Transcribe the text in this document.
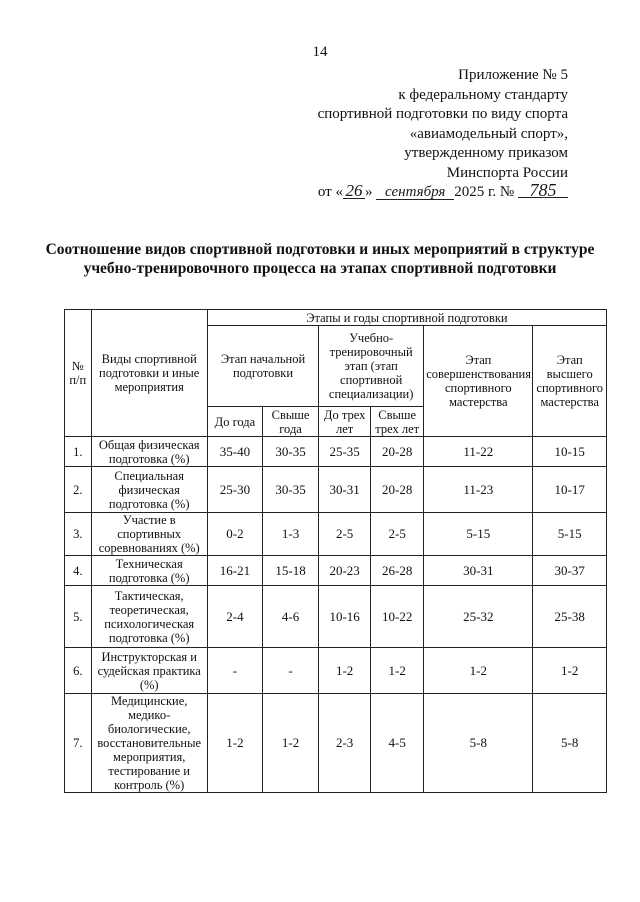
14
Приложение № 5
к федеральному стандарту
спортивной подготовки по виду спорта
«авиамодельный спорт»,
утвержденному приказом
Минспорта России
от « 26 » сентября 2025 г. № 785
Соотношение видов спортивной подготовки и иных мероприятий в структуре
учебно-тренировочного процесса на этапах спортивной подготовки
№ п/п	Виды спортивной подготовки и иные мероприятия	Этапы и годы спортивной подготовки					
		Этап начальной подготовки		Учебно-тренировочный этап (этап спортивной специализации)		Этап совершенствования спортивного мастерства	Этап высшего спортивного мастерства
		До года	Свыше года	До трех лет	Свыше трех лет		
1.	Общая физическая подготовка (%)	35-40	30-35	25-35	20-28	11-22	10-15
2.	Специальная физическая подготовка (%)	25-30	30-35	30-31	20-28	11-23	10-17
3.	Участие в спортивных соревнованиях (%)	0-2	1-3	2-5	2-5	5-15	5-15
4.	Техническая подготовка (%)	16-21	15-18	20-23	26-28	30-31	30-37
5.	Тактическая, теоретическая, психологическая подготовка (%)	2-4	4-6	10-16	10-22	25-32	25-38
6.	Инструкторская и судейская практика (%)	-	-	1-2	1-2	1-2	1-2
7.	Медицинские, медико-биологические, восстановительные мероприятия, тестирование и контроль (%)	1-2	1-2	2-3	4-5	5-8	5-8
